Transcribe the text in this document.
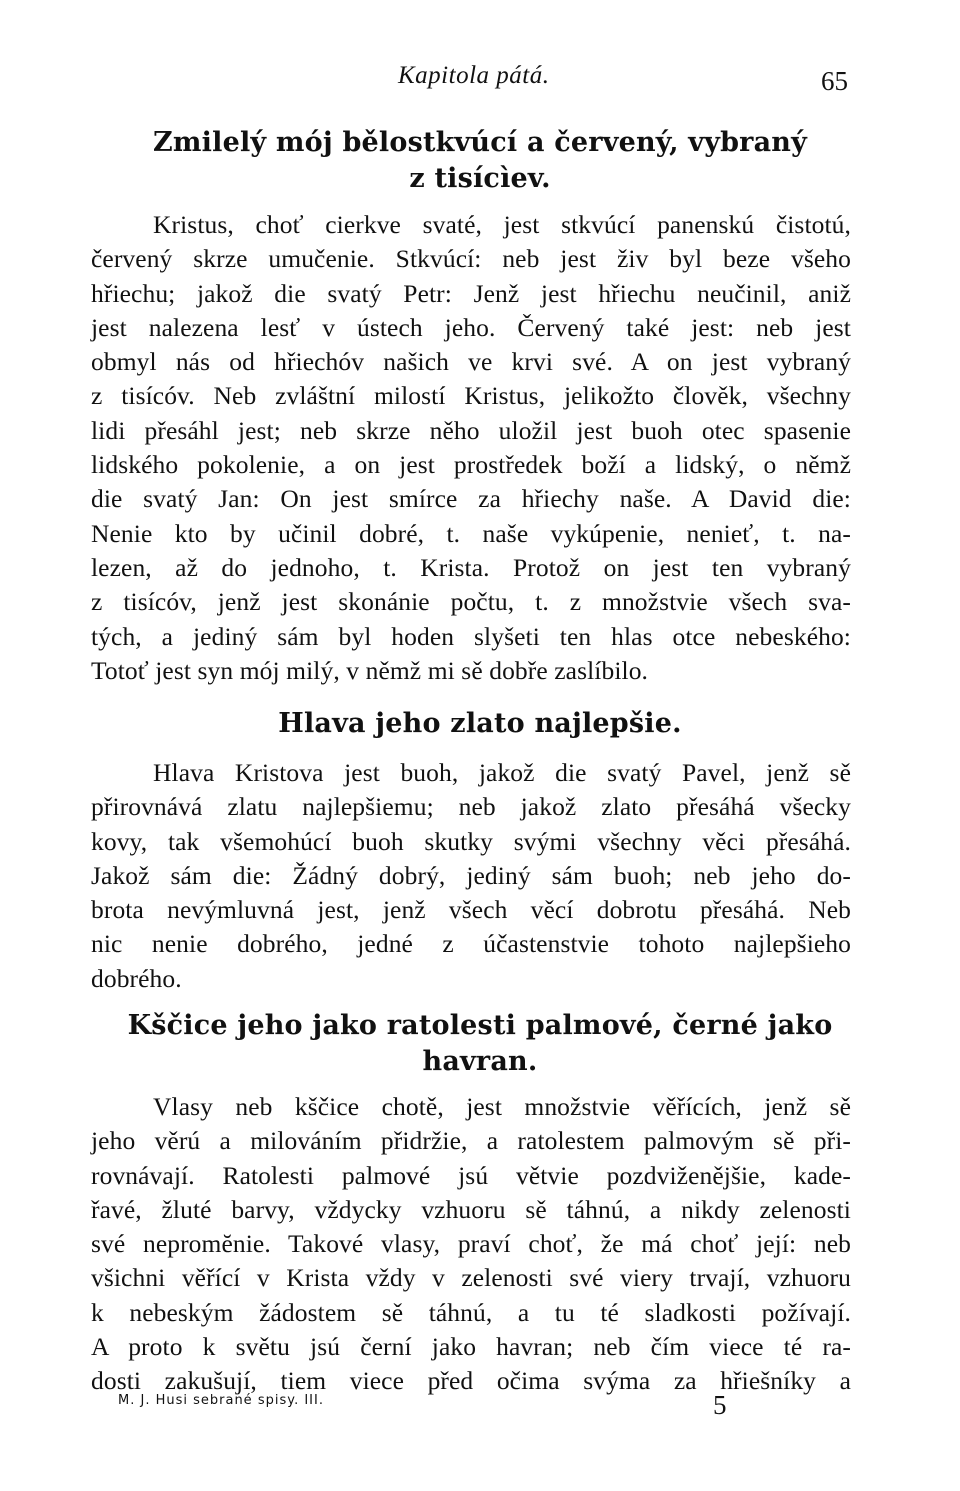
Kapitola pátá.	65
Zmilelý mój bělostkvúcí a červený, vybraný
z tisícìev.
Kristus, choť cierkve svaté, jest stkvúcí panenskú čistotú,
červený skrze umučenie. Stkvúcí: neb jest živ byl beze všeho
hřiechu; jakož die svatý Petr: Jenž jest hřiechu neučinil, aniž
jest nalezena lesť v ústech jeho. Červený také jest: neb jest
obmyl nás od hřiechóv našich ve krvi své. A on jest vybraný
z tisícóv. Neb zvláštní milostí Kristus, jelikožto člověk, všechny
lidi přesáhl jest; neb skrze něho uložil jest buoh otec spasenie
lidského pokolenie, a on jest prostředek boží a lidský, o němž
die svatý Jan: On jest smírce za hřiechy naše. A David die:
Nenie kto by učinil dobré, t. naše vykúpenie, nenieť, t. na-
lezen, až do jednoho, t. Krista. Protož on jest ten vybraný
z tisícóv, jenž jest skonánie počtu, t. z množstvie všech sva-
tých, a jediný sám byl hoden slyšeti ten hlas otce nebeského:
Totoť jest syn mój milý, v němž mi sě dobře zaslíbilo.
Hlava jeho zlato najlepšie.
Hlava Kristova jest buoh, jakož die svatý Pavel, jenž sě
přirovnává zlatu najlepšiemu; neb jakož zlato přesáhá všecky
kovy, tak všemohúcí buoh skutky svými všechny věci přesáhá.
Jakož sám die: Žádný dobrý, jediný sám buoh; neb jeho do-
brota nevýmluvná jest, jenž všech věcí dobrotu přesáhá. Neb
nic nenie dobrého, jedné z účastenstvie tohoto najlepšieho
dobrého.
Kščice jeho jako ratolesti palmové, černé jako
havran.
Vlasy neb kščice chotě, jest množstvie věřících, jenž sě
jeho věrú a milováním přidržie, a ratolestem palmovým sě při-
rovnávají. Ratolesti palmové jsú větvie pozdviženějšie, kade-
řavé, žluté barvy, vždycky vzhuoru sě táhnú, a nikdy zelenosti
své nepromĕnie. Takové vlasy, praví choť, že má choť její: neb
všichni věřící v Krista vždy v zelenosti své viery trvají, vzhuoru
k nebeským žádostem sě táhnú, a tu té sladkosti požívají.
A proto k světu jsú černí jako havran; neb čím viece té ra-
dosti zakušují, tiem viece před očima svýma za hřiešníky a
M. J. Husi sebrané spisy. III.	5
